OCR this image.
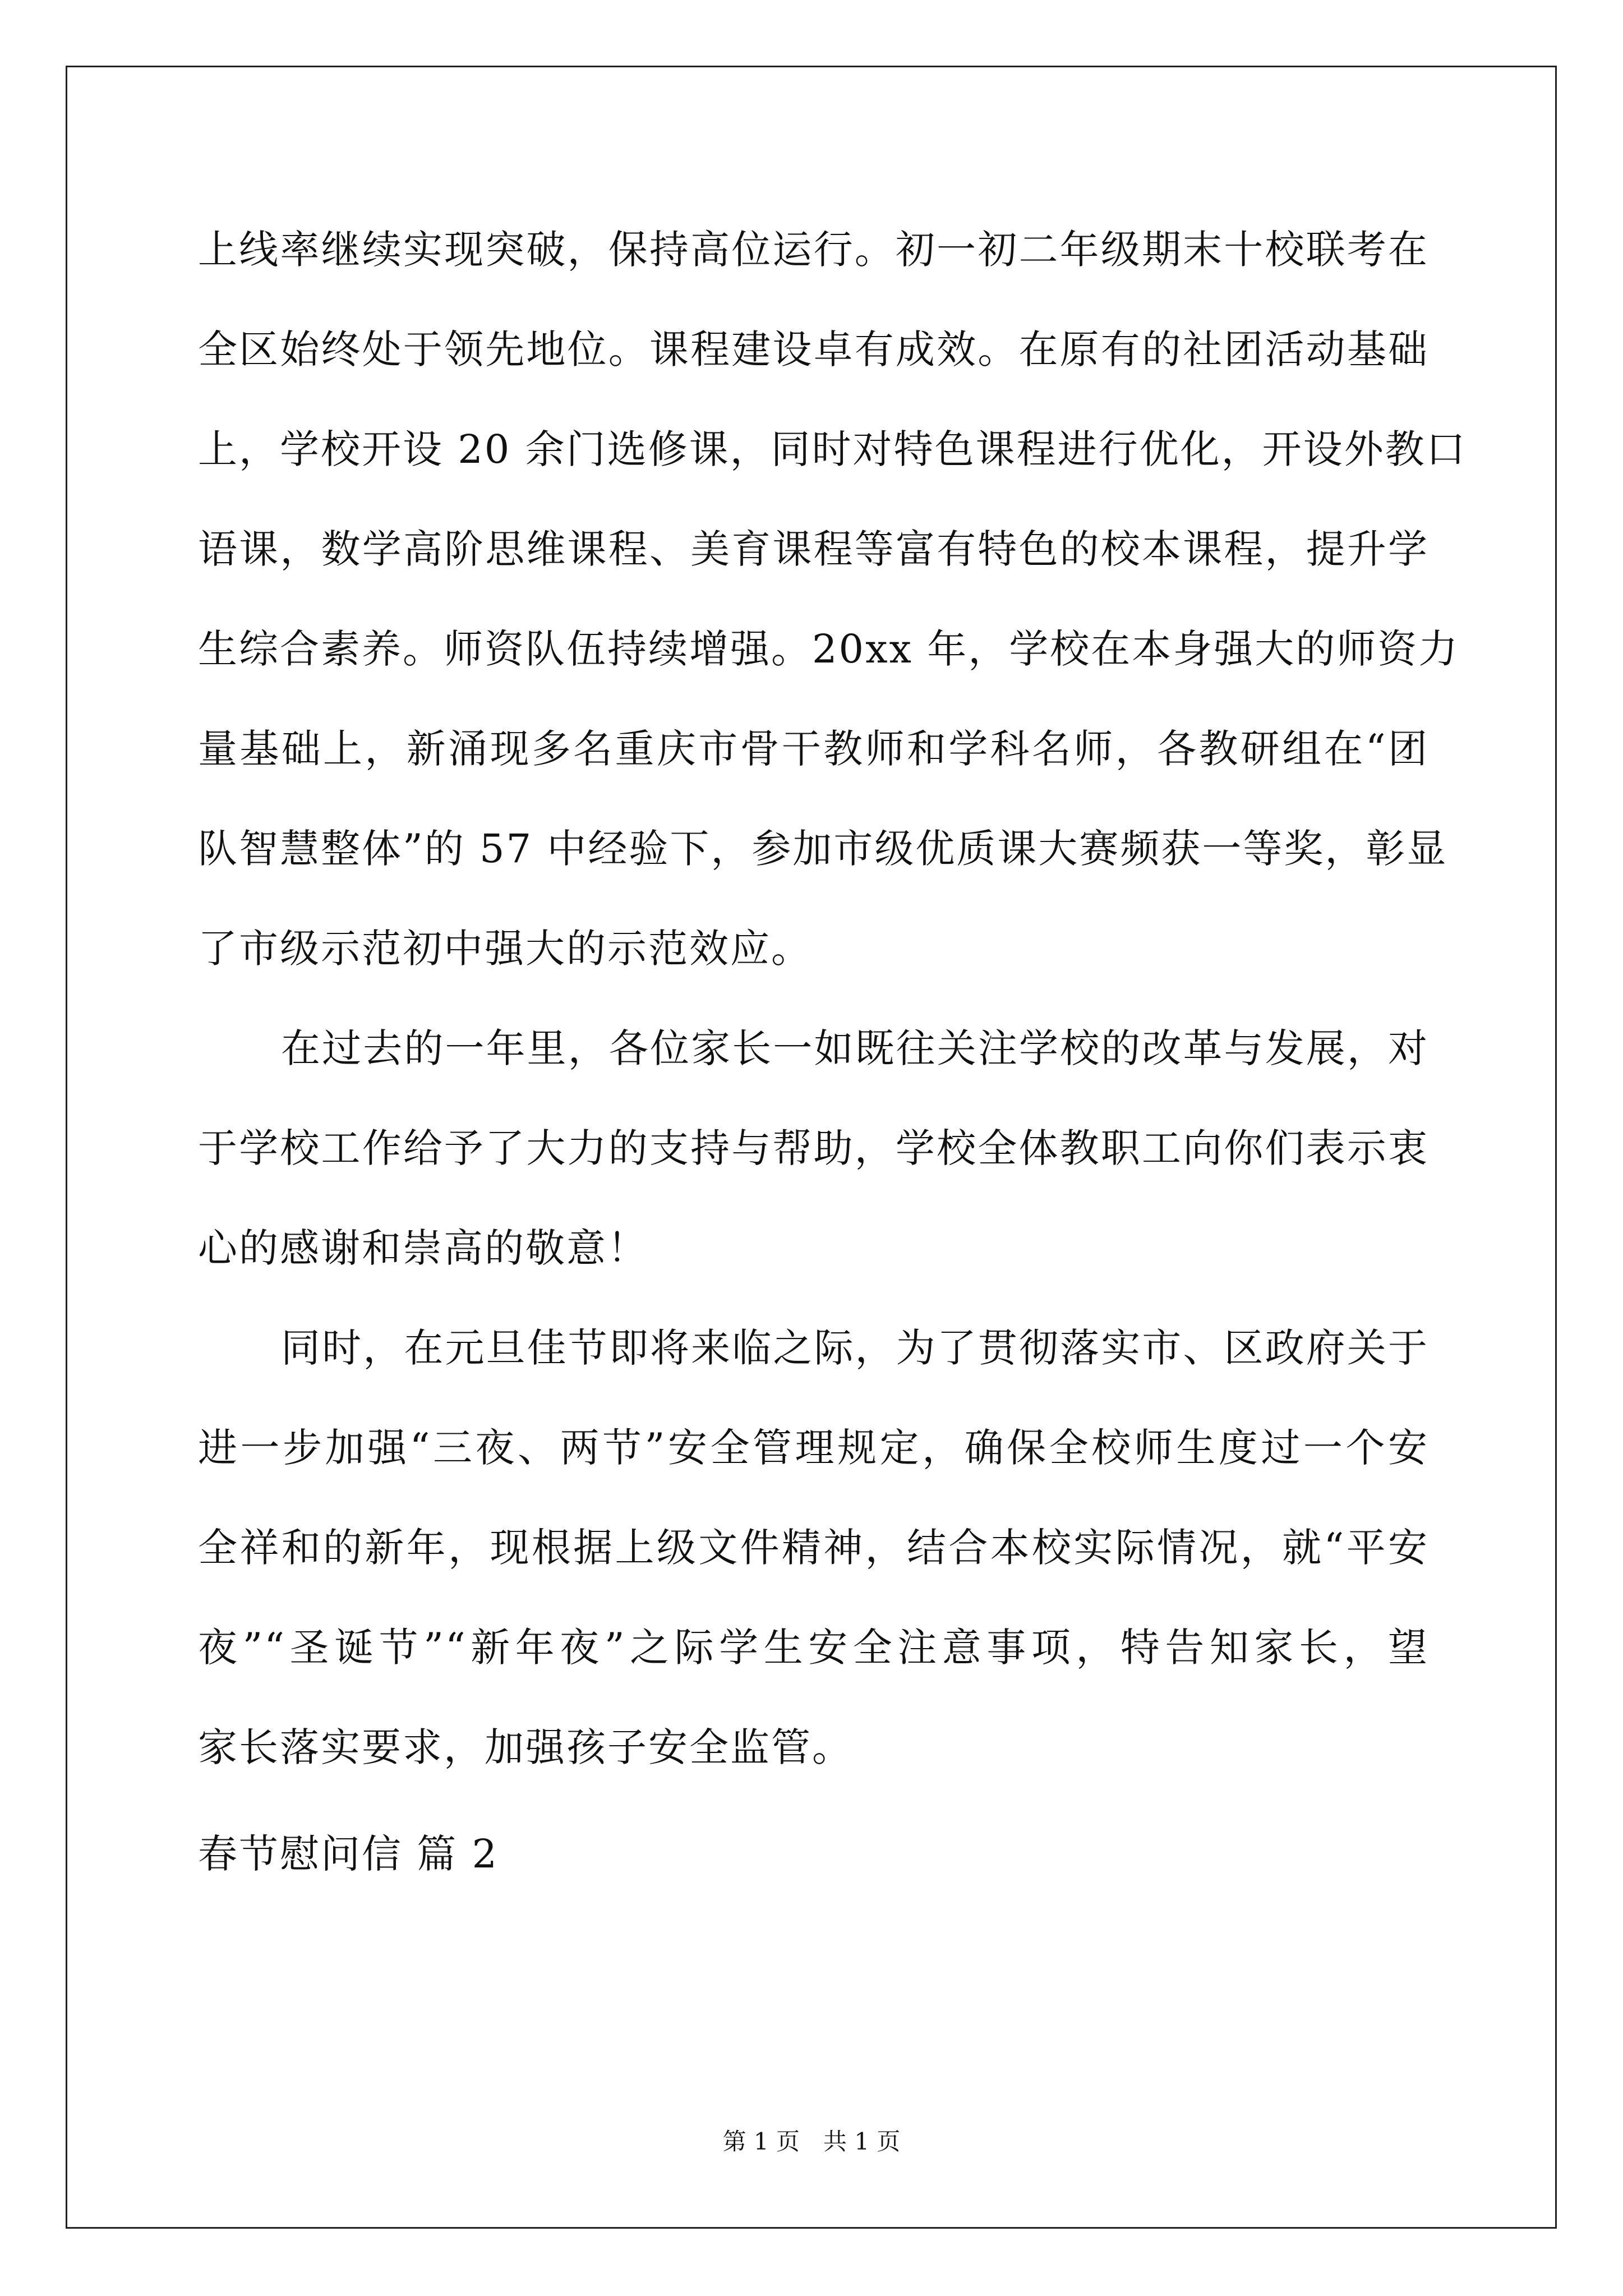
上线率继续实现突破，保持高位运行。初一初二年级期末十校联考在
全区始终处于领先地位。课程建设卓有成效。在原有的社团活动基础
上，学校开设 20 余门选修课，同时对特色课程进行优化，开设外教口
语课，数学高阶思维课程、美育课程等富有特色的校本课程，提升学
生综合素养。师资队伍持续增强。20xx 年，学校在本身强大的师资力
量基础上，新涌现多名重庆市骨干教师和学科名师，各教研组在“团
队智慧整体”的 57 中经验下，参加市级优质课大赛频获一等奖，彰显
了市级示范初中强大的示范效应。
在过去的一年里，各位家长一如既往关注学校的改革与发展，对
于学校工作给予了大力的支持与帮助，学校全体教职工向你们表示衷
心的感谢和崇高的敬意！
同时，在元旦佳节即将来临之际，为了贯彻落实市、区政府关于
进一步加强“三夜、两节”安全管理规定，确保全校师生度过一个安
全祥和的新年，现根据上级文件精神，结合本校实际情况，就“平安
夜”“圣诞节”“新年夜”之际学生安全注意事项，特告知家长，望
家长落实要求，加强孩子安全监管。
春节慰问信 篇 2
第 1 页　共 1 页
